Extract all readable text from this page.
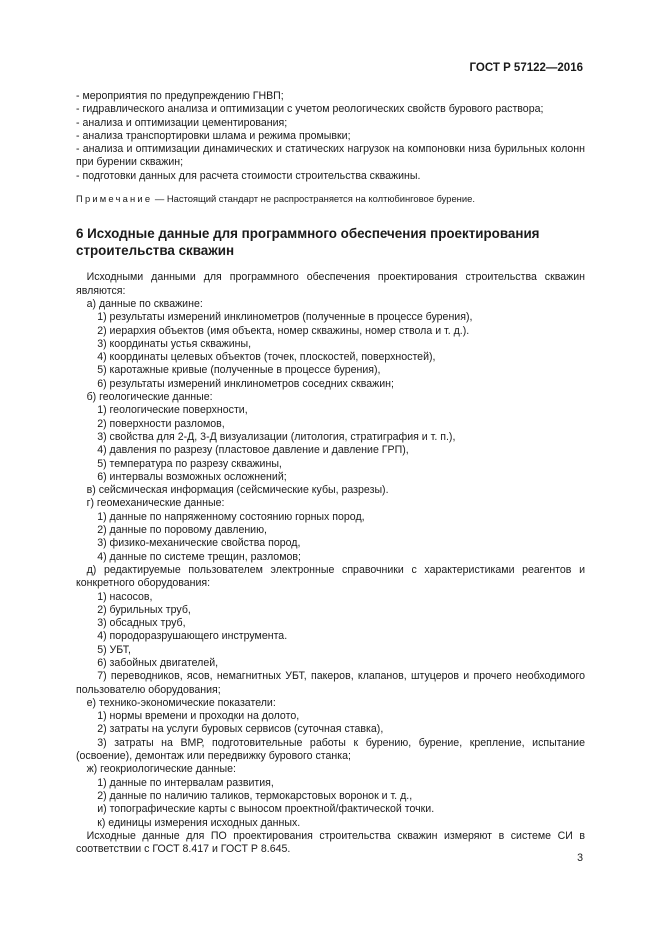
ГОСТ Р 57122—2016

- мероприятия по предупреждению ГНВП;

- гидравлического анализа и оптимизации с учетом реологических свойств бурового раствора;

- анализа и оптимизации цементирования;

- анализа транспортировки шлама и режима промывки;

- анализа и оптимизации динамических и статических нагрузок на компоновки низа бурильных колонн при бурении скважин;

- подготовки данных для расчета стоимости строительства скважины.

Примечание — Настоящий стандарт не распространяется на колтюбинговое бурение.

6 Исходные данные для программного обеспечения проектирования строительства скважин

Исходными данными для программного обеспечения проектирования строительства скважин являются:

а) данные по скважине:

1) результаты измерений инклинометров (полученные в процессе бурения),

2) иерархия объектов (имя объекта, номер скважины, номер ствола и т. д.).

3) координаты устья скважины,

4) координаты целевых объектов (точек, плоскостей, поверхностей),

5) каротажные кривые (полученные в процессе бурения),

6) результаты измерений инклинометров соседних скважин;

б) геологические данные:

1) геологические поверхности,

2) поверхности разломов,

3) свойства для 2-Д, 3-Д визуализации (литология, стратиграфия и т. п.),

4) давления по разрезу (пластовое давление и давление ГРП),

5) температура по разрезу скважины,

6) интервалы возможных осложнений;

в) сейсмическая информация (сейсмические кубы, разрезы).

г) геомеханические данные:

1) данные по напряженному состоянию горных пород,

2) данные по поровому давлению,

3) физико-механические свойства пород,

4) данные по системе трещин, разломов;

д) редактируемые пользователем электронные справочники с характеристиками реагентов и конкретного оборудования:

1) насосов,

2) бурильных труб,

3) обсадных труб,

4) породоразрушающего инструмента.

5) УБТ,

6) забойных двигателей,

7) переводников, ясов, немагнитных УБТ, пакеров, клапанов, штуцеров и прочего необходимого пользователю оборудования;

е) технико-экономические показатели:

1) нормы времени и проходки на долото,

2) затраты на услуги буровых сервисов (суточная ставка),

3) затраты на ВМР, подготовительные работы к бурению, бурение, крепление, испытание (освоение), демонтаж или передвижку бурового станка;

ж) геокриологические данные:

1) данные по интервалам развития,

2) данные по наличию таликов, термокарстовых воронок и т. д.,

и) топографические карты с выносом проектной/фактической точки.

к) единицы измерения исходных данных.

Исходные данные для ПО проектирования строительства скважин измеряют в системе СИ в соответствии с ГОСТ 8.417 и ГОСТ Р 8.645.

3
